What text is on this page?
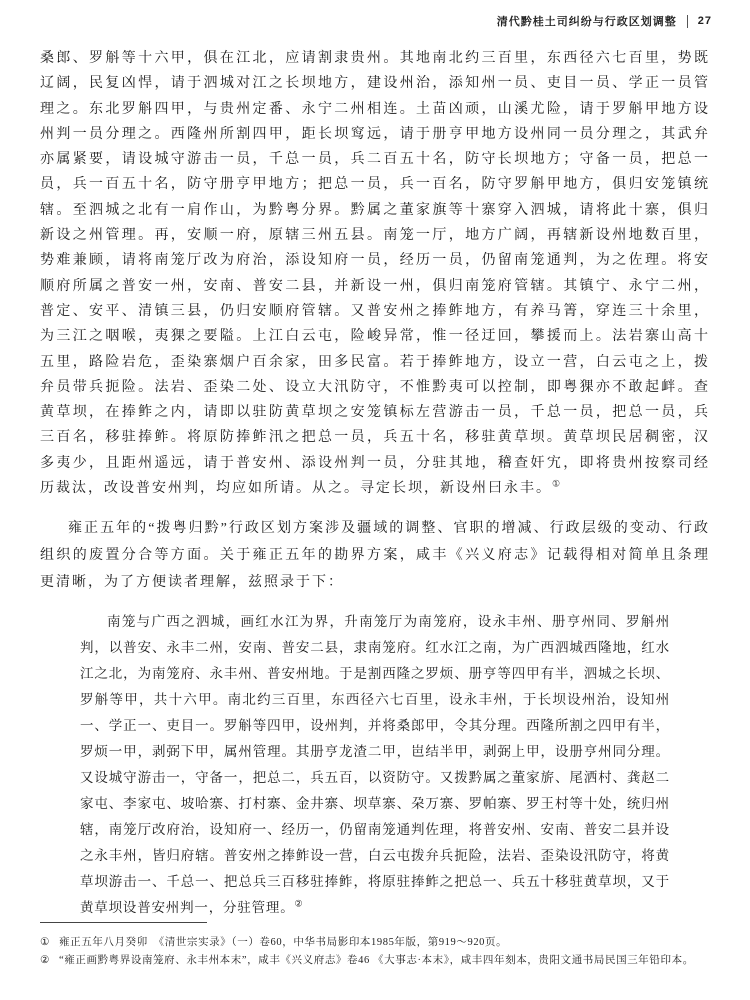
清代黔桂土司纠纷与行政区划调整 27

桑郎、罗斛等十六甲，俱在江北，应请割隶贵州。其地南北约三百里，东西径六七百里，势既辽阔，民复凶悍，请于泗城对江之长坝地方，建设州治，添知州一员、吏目一员、学正一员管理之。东北罗斛四甲，与贵州定番、永宁二州相连。土苗凶顽，山溪尤险，请于罗斛甲地方设州判一员分理之。西隆州所割四甲，距长坝窎远，请于册亨甲地方设州同一员分理之，其武弁亦属紧要，请设城守游击一员，千总一员，兵二百五十名，防守长坝地方；守备一员，把总一员，兵一百五十名，防守册亨甲地方；把总一员，兵一百名，防守罗斛甲地方，俱归安笼镇统辖。至泗城之北有一肩作山，为黔粤分界。黔属之董家旗等十寨穿入泗城，请将此十寨，俱归新设之州管理。再，安顺一府，原辖三州五县。南笼一厅，地方广阔，再辖新设州地数百里，势难兼顾，请将南笼厅改为府治，添设知府一员，经历一员，仍留南笼通判，为之佐理。将安顺府所属之普安一州，安南、普安二县，并新设一州，俱归南笼府管辖。其镇宁、永宁二州，普定、安平、清镇三县，仍归安顺府管辖。又普安州之捧鲊地方，有养马箐，穿连三十余里，为三江之咽喉，夷猓之要隘。上江白云屯，险峻异常，惟一径迂回，攀援而上。法岩寨山高十五里，路险岩危，歪染寨烟户百余家，田多民富。若于捧鲊地方，设立一营，白云屯之上，拨弁员带兵扼险。法岩、歪染二处、设立大汛防守，不惟黔夷可以控制，即粤猓亦不敢起衅。查黄草坝，在捧鲊之内，请即以驻防黄草坝之安笼镇标左营游击一员，千总一员，把总一员，兵三百名，移驻捧鲊。将原防捧鲊汛之把总一员，兵五十名，移驻黄草坝。黄草坝民居稠密，汉多夷少，且距州遥远，请于普安州、添设州判一员，分驻其地，稽查奸宄，即将贵州按察司经历裁汰，改设普安州判，均应如所请。从之。寻定长坝，新设州曰永丰。①

雍正五年的“拨粤归黔”行政区划方案涉及疆域的调整、官职的增减、行政层级的变动、行政组织的废置分合等方面。关于雍正五年的勘界方案，咸丰《兴义府志》记载得相对简单且条理更清晰，为了方便读者理解，兹照录于下：

南笼与广西之泗城，画红水江为界，升南笼厅为南笼府，设永丰州、册亨州同、罗斛州判，以普安、永丰二州，安南、普安二县，隶南笼府。红水江之南，为广西泗城西隆地，红水江之北，为南笼府、永丰州、普安州地。于是割西隆之罗烦、册亨等四甲有半，泗城之长坝、罗斛等甲，共十六甲。南北约三百里，东西径六七百里，设永丰州，于长坝设州治，设知州一、学正一、吏目一。罗斛等四甲，设州判，并将桑郎甲，令其分理。西隆所割之四甲有半，罗烦一甲，剥弼下甲，属州管理。其册亨龙渣二甲，岜结半甲，剥弼上甲，设册亨州同分理。又设城守游击一，守备一，把总二，兵五百，以资防守。又拨黔属之董家旂、尾洒村、龚赵二家屯、李家屯、坡哈寨、打村寨、金井寨、坝草寨、朶万寨、罗帕寨、罗王村等十处，统归州辖，南笼厅改府治，设知府一、经历一，仍留南笼通判佐理，将普安州、安南、普安二县并设之永丰州，皆归府辖。普安州之捧鲊设一营，白云屯拨弁兵扼险，法岩、歪染设汛防守，将黄草坝游击一、千总一、把总兵三百移驻捧鲊，将原驻捧鲊之把总一、兵五十移驻黄草坝，又于黄草坝设普安州判一，分驻管理。②

① 雍正五年八月癸卯　《清世宗实录》（一）卷60，中华书局影印本1985年版，第919～920页。
② “雍正画黔粤界设南笼府、永丰州本末”，咸丰《兴义府志》卷46 《大事志·本末》，咸丰四年刻本，贵阳文通书局民国三年铅印本。
